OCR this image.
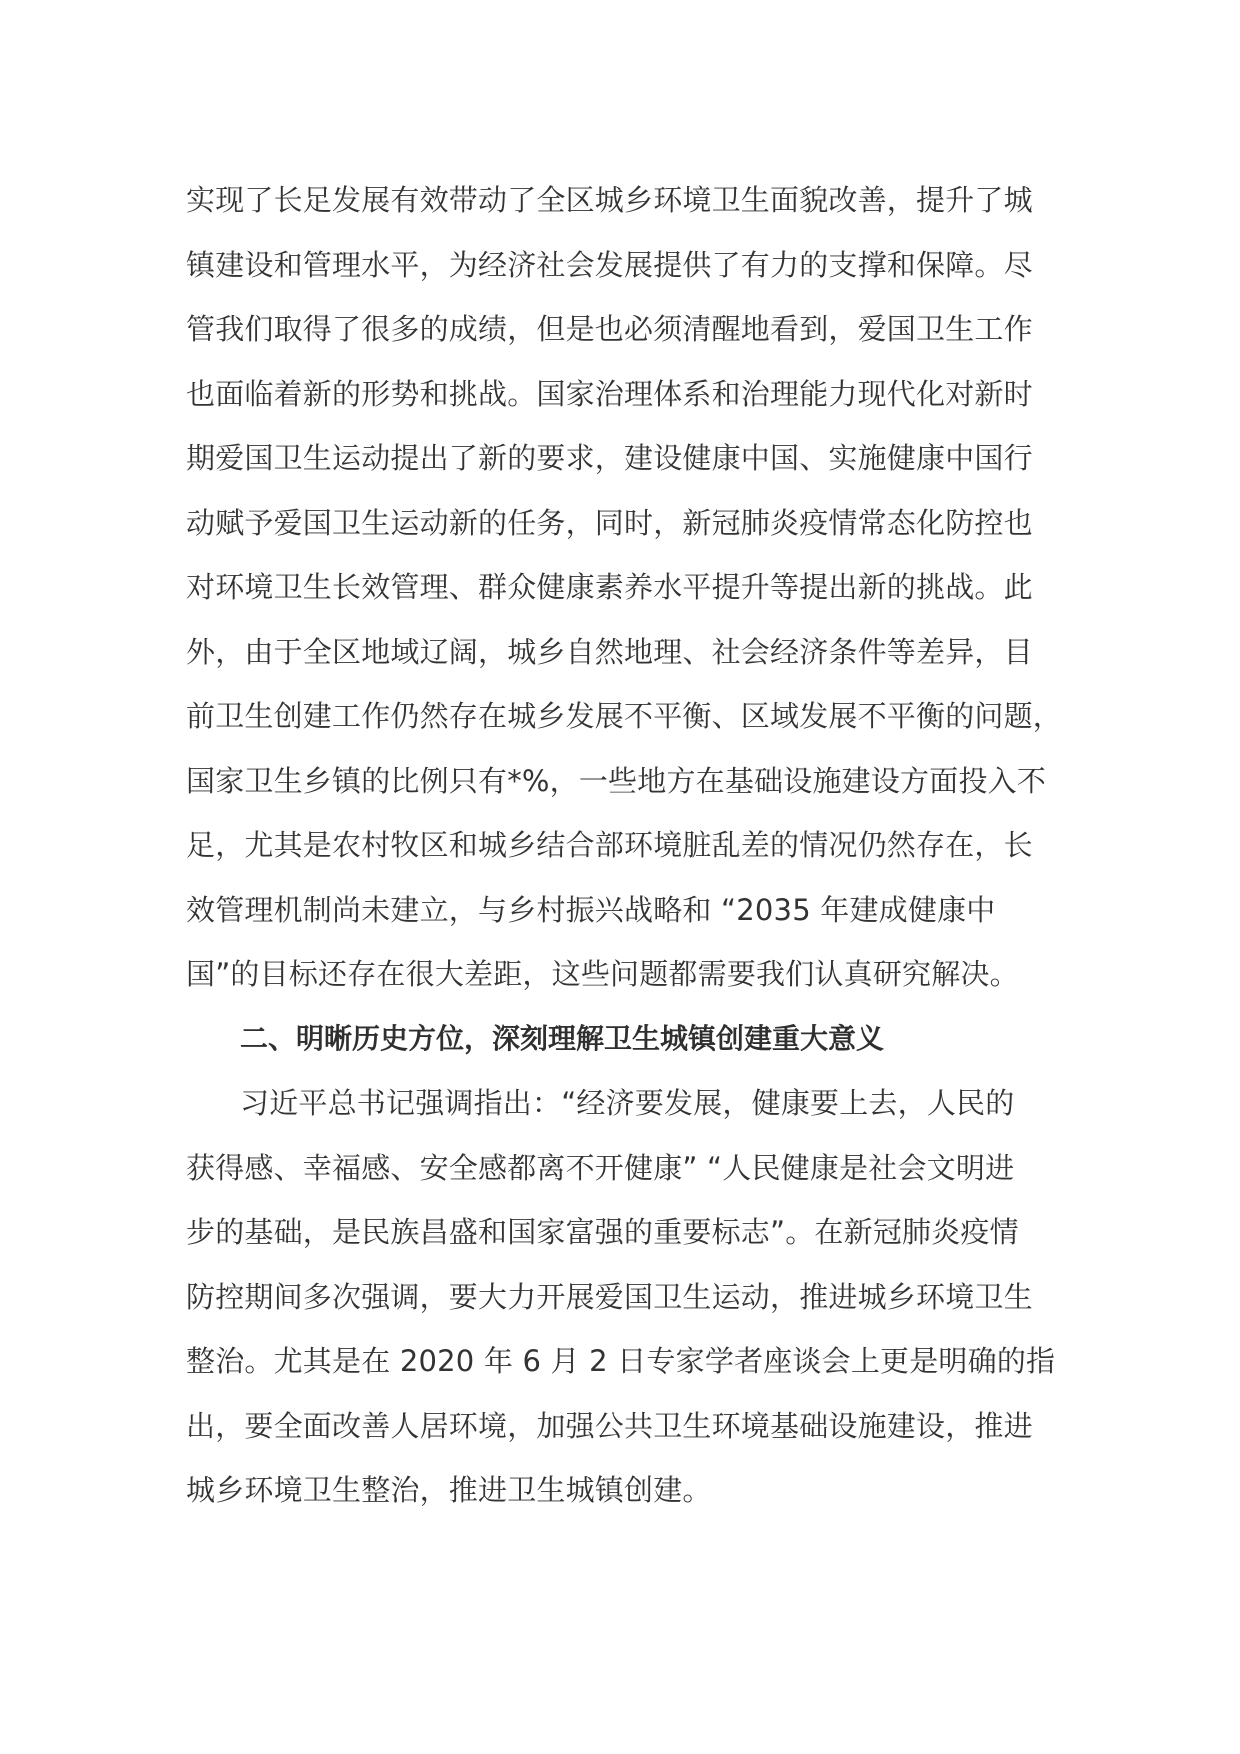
实现了长足发展有效带动了全区城乡环境卫生面貌改善，提升了城
镇建设和管理水平，为经济社会发展提供了有力的支撑和保障。尽
管我们取得了很多的成绩，但是也必须清醒地看到，爱国卫生工作
也面临着新的形势和挑战。国家治理体系和治理能力现代化对新时
期爱国卫生运动提出了新的要求，建设健康中国、实施健康中国行
动赋予爱国卫生运动新的任务，同时，新冠肺炎疫情常态化防控也
对环境卫生长效管理、群众健康素养水平提升等提出新的挑战。此
外，由于全区地域辽阔，城乡自然地理、社会经济条件等差异，目
前卫生创建工作仍然存在城乡发展不平衡、区域发展不平衡的问题，
国家卫生乡镇的比例只有*%，一些地方在基础设施建设方面投入不
足，尤其是农村牧区和城乡结合部环境脏乱差的情况仍然存在，长
效管理机制尚未建立，与乡村振兴战略和 “2035 年建成健康中
国”的目标还存在很大差距，这些问题都需要我们认真研究解决。
二、明晰历史方位，深刻理解卫生城镇创建重大意义
习近平总书记强调指出：“经济要发展，健康要上去，人民的
获得感、幸福感、安全感都离不开健康” “人民健康是社会文明进
步的基础，是民族昌盛和国家富强的重要标志”。在新冠肺炎疫情
防控期间多次强调，要大力开展爱国卫生运动，推进城乡环境卫生
整治。尤其是在 2020 年 6 月 2 日专家学者座谈会上更是明确的指
出，要全面改善人居环境，加强公共卫生环境基础设施建设，推进
城乡环境卫生整治，推进卫生城镇创建。
